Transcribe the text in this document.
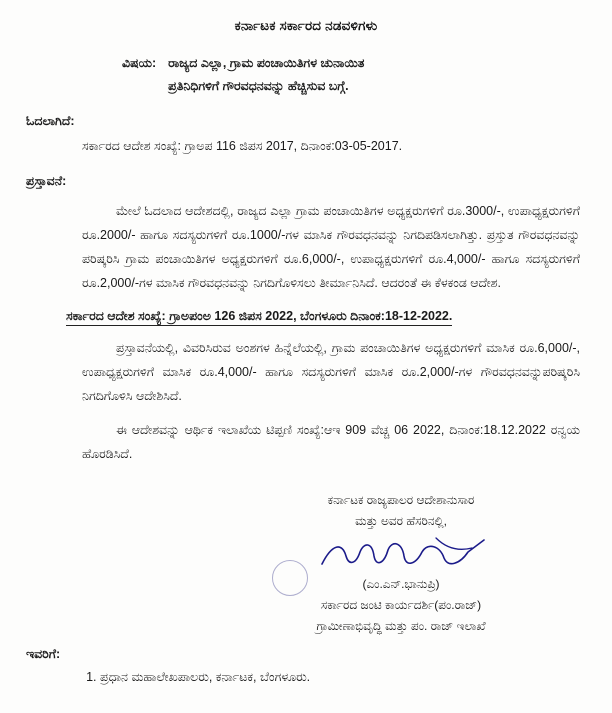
ಕರ್ನಾಟಕ ಸರ್ಕಾರದ ನಡವಳಿಗಳು
ವಿಷಯ: ರಾಜ್ಯದ ಎಲ್ಲಾ, ಗ್ರಾಮ ಪಂಚಾಯಿತಿಗಳ ಚುನಾಯಿತ
ಪ್ರತಿನಿಧಿಗಳಿಗೆ ಗೌರವಧನವನ್ನು ಹೆಚ್ಚಿಸುವ ಬಗ್ಗೆ.
ಓದಲಾಗಿದೆ:
ಸರ್ಕಾರದ ಆದೇಶ ಸಂಖ್ಯೆ: ಗ್ರಾಅಪ 116 ಜಿಪಸ 2017, ದಿನಾಂಕ:03-05-2017.
ಪ್ರಸ್ತಾವನೆ:
ಮೇಲೆ ಓದಲಾದ ಆದೇಶದಲ್ಲಿ, ರಾಜ್ಯದ ಎಲ್ಲಾ ಗ್ರಾಮ ಪಂಚಾಯಿತಿಗಳ ಅಧ್ಯಕ್ಷರುಗಳಿಗೆ ರೂ.3000/-, ಉಪಾಧ್ಯಕ್ಷರುಗಳಿಗೆ ರೂ.2000/- ಹಾಗೂ ಸದಸ್ಯರುಗಳಿಗೆ ರೂ.1000/-ಗಳ ಮಾಸಿಕ ಗೌರವಧನವನ್ನು ನಿಗದಿಪಡಿಸಲಾಗಿತ್ತು. ಪ್ರಸ್ತುತ ಗೌರವಧನವನ್ನು ಪರಿಷ್ಕರಿಸಿ ಗ್ರಾಮ ಪಂಚಾಯಿತಿಗಳ ಅಧ್ಯಕ್ಷರುಗಳಿಗೆ ರೂ.6,000/-, ಉಪಾಧ್ಯಕ್ಷರುಗಳಿಗೆ ರೂ.4,000/- ಹಾಗೂ ಸದಸ್ಯರುಗಳಿಗೆ ರೂ.2,000/-ಗಳ ಮಾಸಿಕ ಗೌರವಧನವನ್ನು ನಿಗದಿಗೊಳಿಸಲು ತೀರ್ಮಾನಿಸಿದೆ. ಆದರಂತೆ ಈ ಕೆಳಕಂಡ ಆದೇಶ.
ಸರ್ಕಾರದ ಆದೇಶ ಸಂಖ್ಯೆ: ಗ್ರಾಅಪಂಅ 126 ಜಿಪಸ 2022, ಬೆಂಗಳೂರು ದಿನಾಂಕ:18-12-2022.
ಪ್ರಸ್ತಾವನೆಯಲ್ಲಿ, ವಿವರಿಸಿರುವ ಅಂಶಗಳ ಹಿನ್ನೆಲೆಯಲ್ಲಿ, ಗ್ರಾಮ ಪಂಚಾಯಿತಿಗಳ ಅಧ್ಯಕ್ಷರುಗಳಿಗೆ ಮಾಸಿಕ ರೂ.6,000/-, ಉಪಾಧ್ಯಕ್ಷರುಗಳಿಗೆ ಮಾಸಿಕ ರೂ.4,000/- ಹಾಗೂ ಸದಸ್ಯರುಗಳಿಗೆ ಮಾಸಿಕ ರೂ.2,000/-ಗಳ ಗೌರವಧನವನ್ನುಪರಿಷ್ಕರಿಸಿ ನಿಗದಿಗೊಳಿಸಿ ಆದೇಶಿಸಿದೆ.
ಈ ಆದೇಶವನ್ನು ಆರ್ಥಿಕ ಇಲಾಖೆಯ ಟಿಪ್ಪಣಿ ಸಂಖ್ಯೆ:ಆಇ 909 ವೆಚ್ಚ 06 2022, ದಿನಾಂಕ:18.12.2022 ರನ್ವಯ ಹೊರಡಿಸಿದೆ.
ಕರ್ನಾಟಕ ರಾಜ್ಯಪಾಲರ ಆದೇಶಾನುಸಾರ
ಮತ್ತು ಅವರ ಹೆಸರಿನಲ್ಲಿ,
(ಎಂ.ಎನ್.ಭಾನುಪ್ರಿ)
ಸರ್ಕಾರದ ಜಂಟಿ ಕಾರ್ಯದರ್ಶಿ(ಪಂ.ರಾಜ್)
ಗ್ರಾಮೀಣಾಭಿವೃದ್ಧಿ ಮತ್ತು ಪಂ. ರಾಜ್ ಇಲಾಖೆ
ಇವರಿಗೆ:
1. ಪ್ರಧಾನ ಮಹಾಲೇಖಪಾಲರು, ಕರ್ನಾಟಕ, ಬೆಂಗಳೂರು.
